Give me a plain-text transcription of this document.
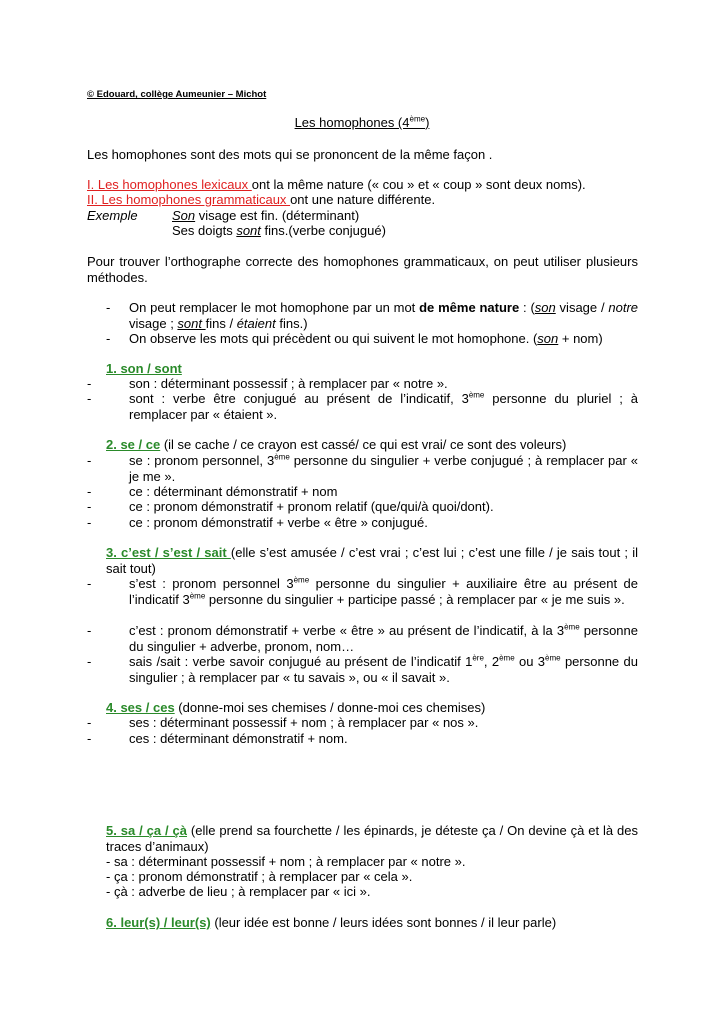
© Edouard, collège Aumeunier – Michot
Les homophones (4ème)
Les homophones sont des mots qui se prononcent de la même façon .
I. Les homophones lexicaux ont la même nature (« cou » et « coup » sont deux noms).
II. Les homophones grammaticaux ont une nature différente.
Exemple	Son visage est fin. (déterminant)
Ses doigts sont fins.(verbe conjugué)
Pour trouver l’orthographe correcte des homophones grammaticaux, on peut utiliser plusieurs méthodes.
- On peut remplacer le mot homophone par un mot de même nature : (son visage / notre visage ; sont fins / étaient fins.)
- On observe les mots qui précèdent ou qui suivent le mot homophone. (son + nom)
1. son / sont
-	son : déterminant possessif ; à remplacer par « notre ».
-	sont : verbe être conjugué au présent de l’indicatif, 3ème personne du pluriel ; à remplacer par « étaient ».
2. se / ce (il se cache / ce crayon est cassé/ ce qui est vrai/ ce sont des voleurs)
-	se : pronom personnel, 3ème personne du singulier + verbe conjugué ; à remplacer par « je me ».
-	ce : déterminant démonstratif + nom
-	ce : pronom démonstratif + pronom relatif (que/qui/à quoi/dont).
-	ce : pronom démonstratif + verbe « être » conjugué.
3. c’est / s’est / sait (elle s’est amusée / c’est vrai ; c’est lui ; c’est une fille / je sais tout ; il sait tout)
-	s’est : pronom personnel 3ème personne du singulier + auxiliaire être au présent de l’indicatif 3ème personne du singulier + participe passé ; à remplacer par « je me suis ».
-	c’est : pronom démonstratif + verbe « être » au présent de l’indicatif, à la 3ème personne du singulier + adverbe, pronom, nom…
-	sais /sait : verbe savoir conjugué au présent de l’indicatif 1ère, 2ème ou 3ème personne du singulier ; à remplacer par « tu savais », ou « il savait ».
4. ses / ces (donne-moi ses chemises / donne-moi ces chemises)
-	ses : déterminant possessif + nom ; à remplacer par « nos ».
-	ces : déterminant démonstratif + nom.
5. sa / ça / çà (elle prend sa fourchette / les épinards, je déteste ça / On devine çà et là des traces d’animaux)
- sa : déterminant possessif + nom ; à remplacer par « notre ».
- ça : pronom démonstratif ; à remplacer par « cela ».
- çà : adverbe de lieu ; à remplacer par « ici ».
6. leur(s) / leur(s) (leur idée est bonne / leurs idées sont bonnes / il leur parle)
